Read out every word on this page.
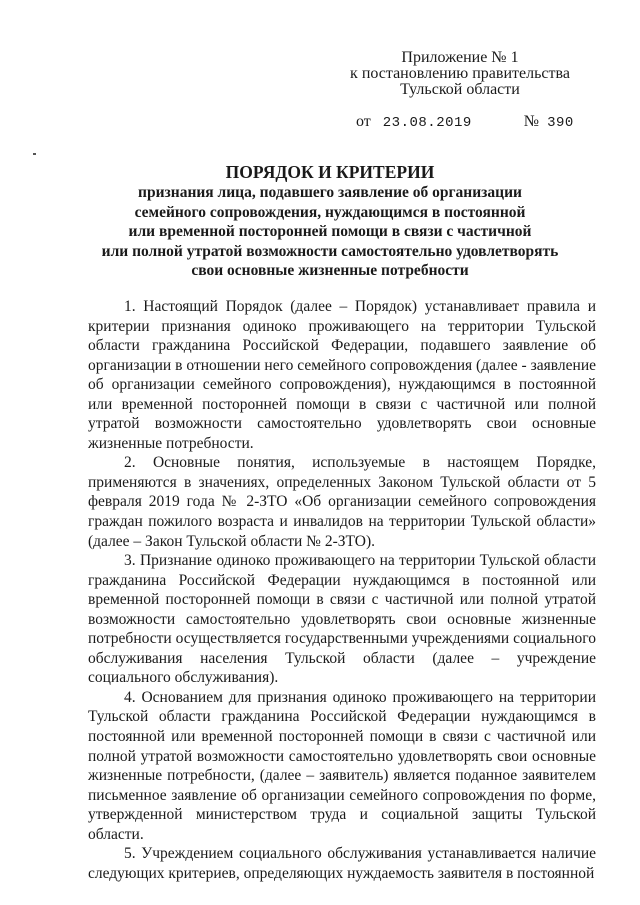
Приложение № 1
к постановлению правительства
Тульской области
от 23.08.2019	№ 390
ПОРЯДОК И КРИТЕРИИ
признания лица, подавшего заявление об организации
семейного сопровождения, нуждающимся в постоянной
или временной посторонней помощи в связи с частичной
или полной утратой возможности самостоятельно удовлетворять
свои основные жизненные потребности

1. Настоящий Порядок (далее – Порядок) устанавливает правила и критерии признания одиноко проживающего на территории Тульской области гражданина Российской Федерации, подавшего заявление об организации в отношении него семейного сопровождения (далее - заявление об организации семейного сопровождения), нуждающимся в постоянной или временной посторонней помощи в связи с частичной или полной утратой возможности самостоятельно удовлетворять свои основные жизненные потребности.

2. Основные понятия, используемые в настоящем Порядке, применяются в значениях, определенных Законом Тульской области от 5 февраля 2019 года № 2-ЗТО «Об организации семейного сопровождения граждан пожилого возраста и инвалидов на территории Тульской области» (далее – Закон Тульской области № 2-ЗТО).

3. Признание одиноко проживающего на территории Тульской области гражданина Российской Федерации нуждающимся в постоянной или временной посторонней помощи в связи с частичной или полной утратой возможности самостоятельно удовлетворять свои основные жизненные потребности осуществляется государственными учреждениями социального обслуживания населения Тульской области (далее – учреждение социального обслуживания).

4. Основанием для признания одиноко проживающего на территории Тульской области гражданина Российской Федерации нуждающимся в постоянной или временной посторонней помощи в связи с частичной или полной утратой возможности самостоятельно удовлетворять свои основные жизненные потребности, (далее – заявитель) является поданное заявителем письменное заявление об организации семейного сопровождения по форме, утвержденной министерством труда и социальной защиты Тульской области.

5. Учреждением социального обслуживания устанавливается наличие следующих критериев, определяющих нуждаемость заявителя в постоянной
